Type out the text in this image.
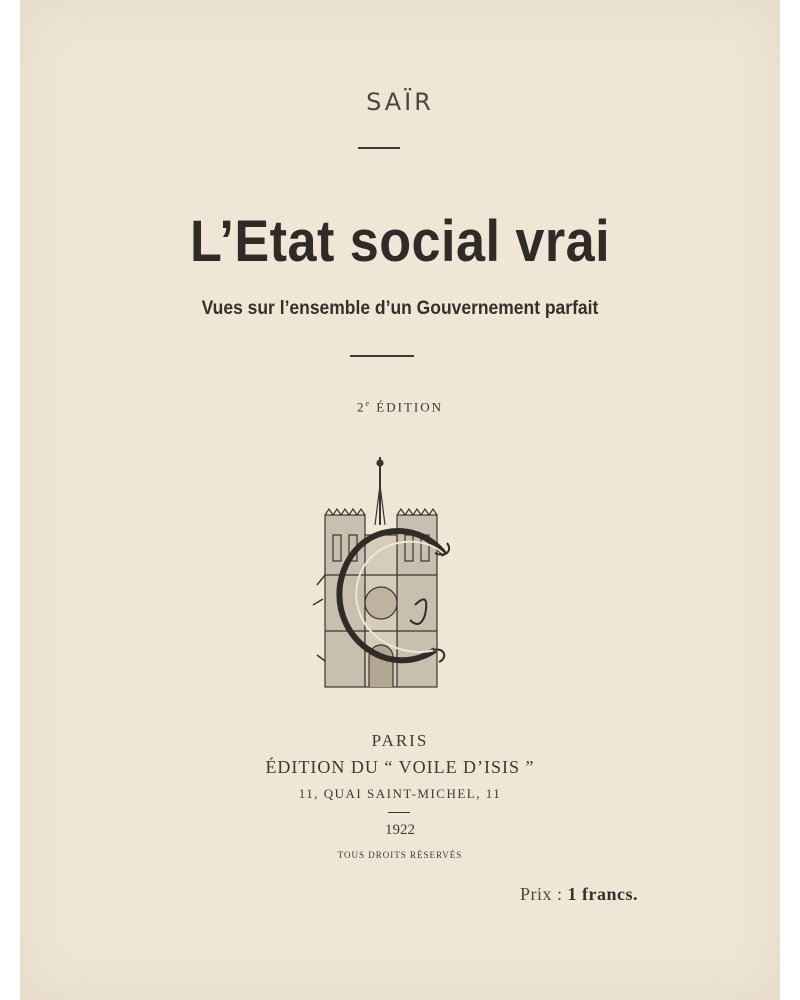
SAÏR
L’Etat social vrai
Vues sur l’ensemble d’un Gouvernement parfait
2e ÉDITION
PARIS
ÉDITION DU “ VOILE D’ISIS ”
11, QUAI SAINT-MICHEL, 11
1922
TOUS DROITS RÉSERVÉS
Prix : 1 francs.
